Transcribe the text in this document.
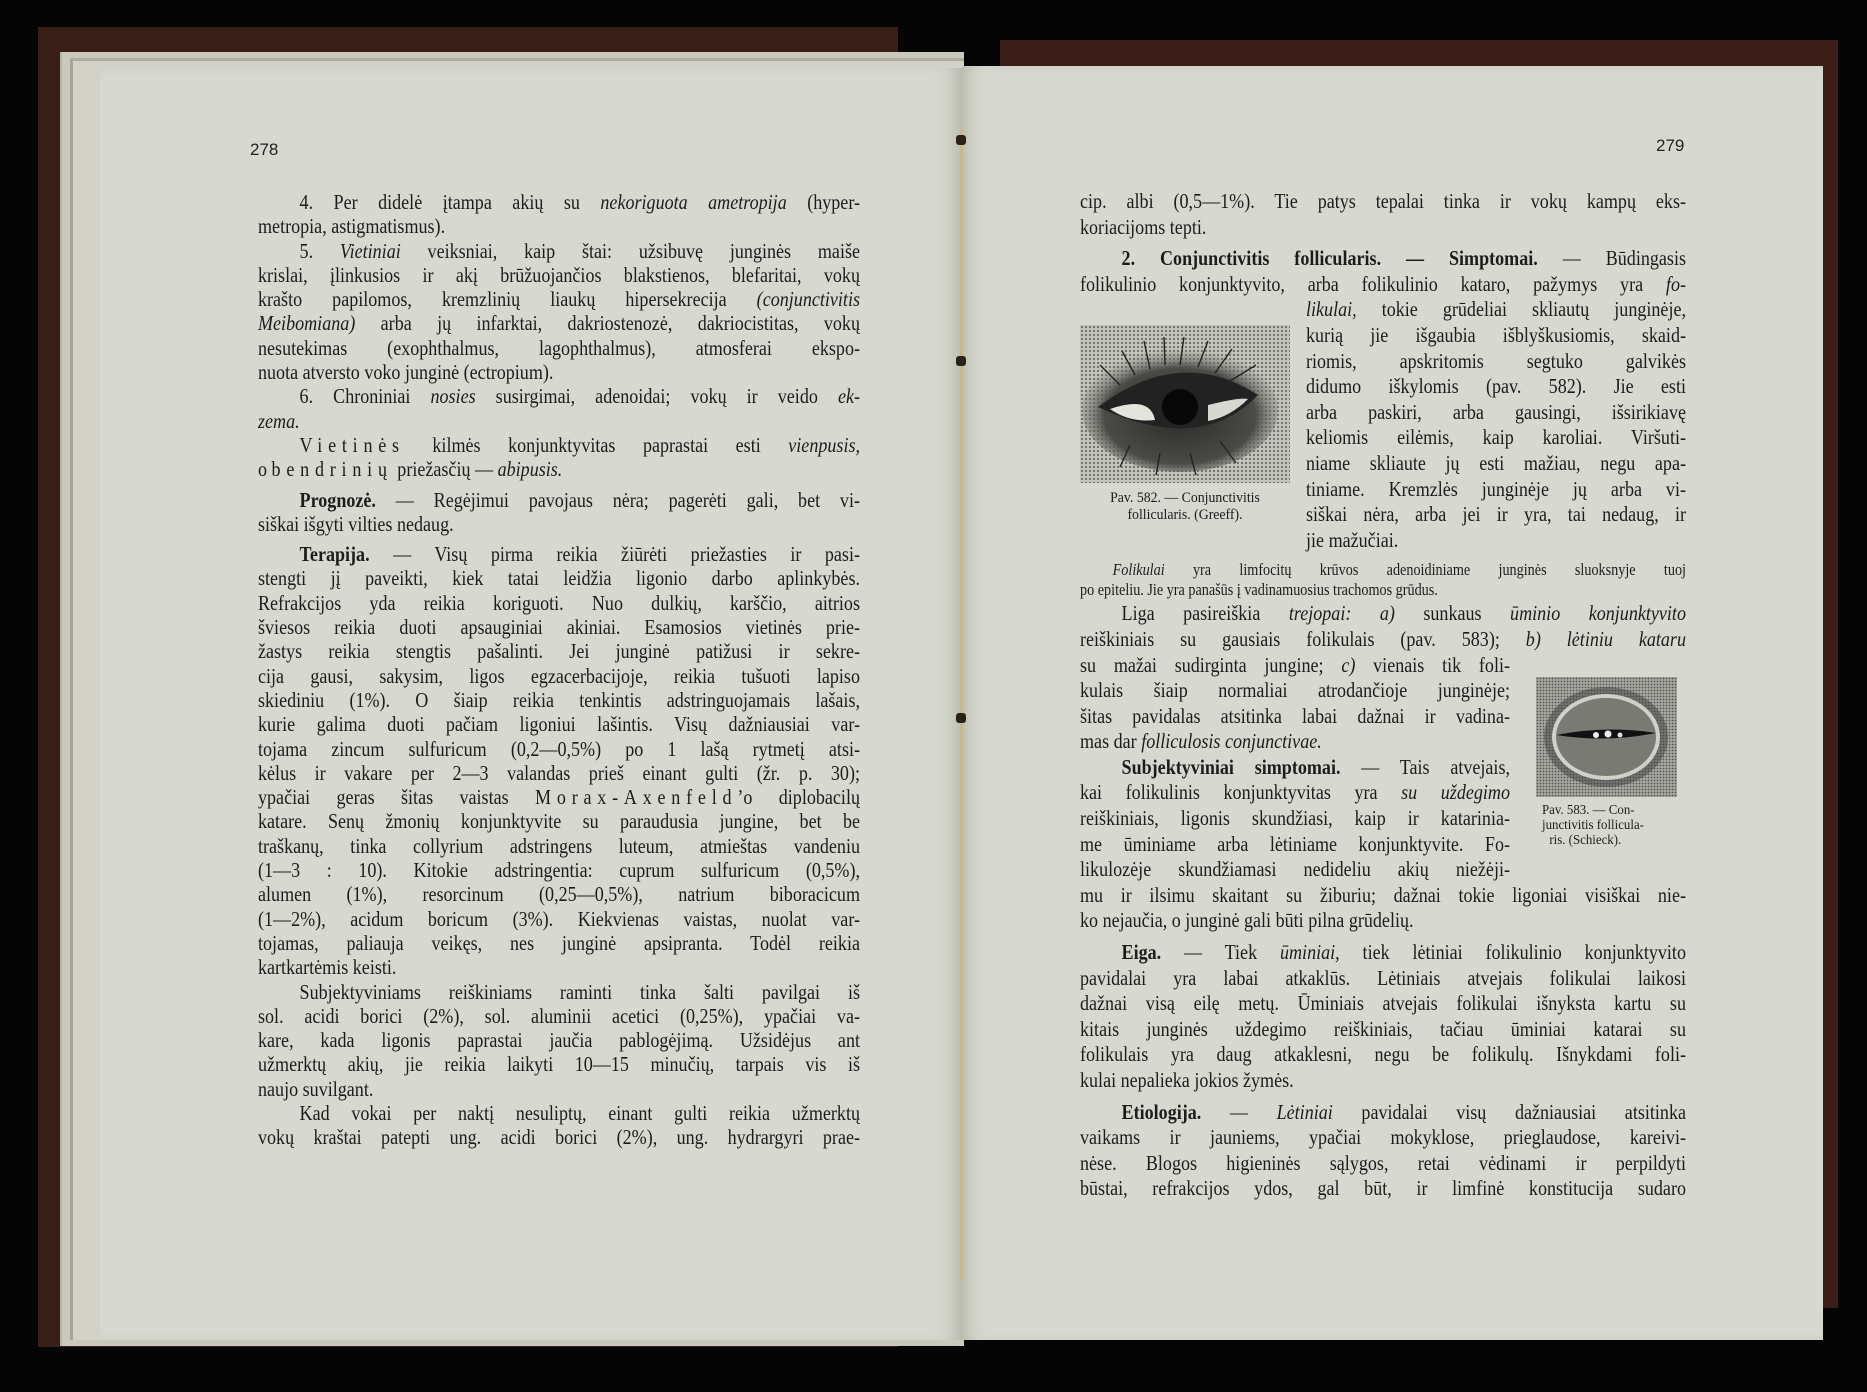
278	279
4. Per didelė įtampa akių su nekoriguota ametropija (hyper-
metropia, astigmatismus).
5. Vietiniai veiksniai, kaip štai: užsibuvę junginės maiše
krislai, įlinkusios ir akį brūžuojančios blakstienos, blefaritai, vokų
krašto papilomos, kremzlinių liaukų hipersekrecija (conjunctivitis
Meibomiana) arba jų infarktai, dakriostenozė, dakriocistitas, vokų
nesutekimas (exophthalmus, lagophthalmus), atmosferai ekspo-
nuota atversto voko junginė (ectropium).
6. Chroniniai nosies susirgimai, adenoidai; vokų ir veido ek-
zema.
Vietinės kilmės konjunktyvitas paprastai esti vienpusis,
o bendrinių priežasčių — abipusis.
Prognozė. — Regėjimui pavojaus nėra; pagerėti gali, bet vi-
siškai išgyti vilties nedaug.
Terapija. — Visų pirma reikia žiūrėti priežasties ir pasi-
stengti jį paveikti, kiek tatai leidžia ligonio darbo aplinkybės.
Refrakcijos yda reikia koriguoti. Nuo dulkių, karščio, aitrios
šviesos reikia duoti apsauginiai akiniai. Esamosios vietinės prie-
žastys reikia stengtis pašalinti. Jei junginė patižusi ir sekre-
cija gausi, sakysim, ligos egzacerbacijoje, reikia tušuoti lapiso
skiediniu (1%). O šiaip reikia tenkintis adstringuojamais lašais,
kurie galima duoti pačiam ligoniui lašintis. Visų dažniausiai var-
tojama zincum sulfuricum (0,2—0,5%) po 1 lašą rytmetį atsi-
kėlus ir vakare per 2—3 valandas prieš einant gulti (žr. p. 30);
ypačiai geras šitas vaistas Morax-Axenfeld’o diplobacilų
katare. Senų žmonių konjunktyvite su paraudusia jungine, bet be
traškanų, tinka collyrium adstringens luteum, atmieštas vandeniu
(1—3 : 10). Kitokie adstringentia: cuprum sulfuricum (0,5%),
alumen (1%), resorcinum (0,25—0,5%), natrium biboracicum
(1—2%), acidum boricum (3%). Kiekvienas vaistas, nuolat var-
tojamas, paliauja veikęs, nes junginė apsipranta. Todėl reikia
kartkartėmis keisti.
Subjektyviniams reiškiniams raminti tinka šalti pavilgai iš
sol. acidi borici (2%), sol. aluminii acetici (0,25%), ypačiai va-
kare, kada ligonis paprastai jaučia pablogėjimą. Užsidėjus ant
užmerktų akių, jie reikia laikyti 10—15 minučių, tarpais vis iš
naujo suvilgant.
Kad vokai per naktį nesuliptų, einant gulti reikia užmerktų
vokų kraštai patepti ung. acidi borici (2%), ung. hydrargyri prae-
cip. albi (0,5—1%). Tie patys tepalai tinka ir vokų kampų eks-
koriacijoms tepti.
2. Conjunctivitis follicularis. — Simptomai. — Būdingasis
folikulinio konjunktyvito, arba folikulinio kataro, pažymys yra fo-
Pav. 582. — Conjunctivitis
follicularis. (Greeff).
likulai, tokie grūdeliai skliautų junginėje,
kurią jie išgaubia išblyškusiomis, skaid-
riomis, apskritomis segtuko galvikės
didumo iškylomis (pav. 582). Jie esti
arba paskiri, arba gausingi, išsirikiavę
keliomis eilėmis, kaip karoliai. Viršuti-
niame skliaute jų esti mažiau, negu apa-
tiniame. Kremzlės junginėje jų arba vi-
siškai nėra, arba jei ir yra, tai nedaug, ir
jie mažučiai.
Folikulai yra limfocitų krūvos adenoidiniame junginės sluoksnyje tuoj
po epiteliu. Jie yra panašūs į vadinamuosius trachomos grūdus.
Liga pasireiškia trejopai: a) sunkaus ūminio konjunktyvito
reiškiniais su gausiais folikulais (pav. 583); b) lėtiniu kataru
su mažai sudirginta jungine; c) vienais tik foli-
kulais šiaip normaliai atrodančioje junginėje;
šitas pavidalas atsitinka labai dažnai ir vadina-
mas dar folliculosis conjunctivae.
Subjektyviniai simptomai. — Tais atvejais,
kai folikulinis konjunktyvitas yra su uždegimo
reiškiniais, ligonis skundžiasi, kaip ir katarinia-
me ūminiame arba lėtiniame konjunktyvite. Fo-
likulozėje skundžiamasi nedideliu akių niežėji-
Pav. 583. — Con-
junctivitis follicula-
ris. (Schieck).
mu ir ilsimu skaitant su žiburiu; dažnai tokie ligoniai visiškai nie-
ko nejaučia, o junginė gali būti pilna grūdelių.
Eiga. — Tiek ūminiai, tiek lėtiniai folikulinio konjunktyvito
pavidalai yra labai atkaklūs. Lėtiniais atvejais folikulai laikosi
dažnai visą eilę metų. Ūminiais atvejais folikulai išnyksta kartu su
kitais junginės uždegimo reiškiniais, tačiau ūminiai katarai su
folikulais yra daug atkaklesni, negu be folikulų. Išnykdami foli-
kulai nepalieka jokios žymės.
Etiologija. — Lėtiniai pavidalai visų dažniausiai atsitinka
vaikams ir jauniems, ypačiai mokyklose, prieglaudose, kareivi-
nėse. Blogos higieninės sąlygos, retai vėdinami ir perpildyti
būstai, refrakcijos ydos, gal būt, ir limfinė konstitucija sudaro
